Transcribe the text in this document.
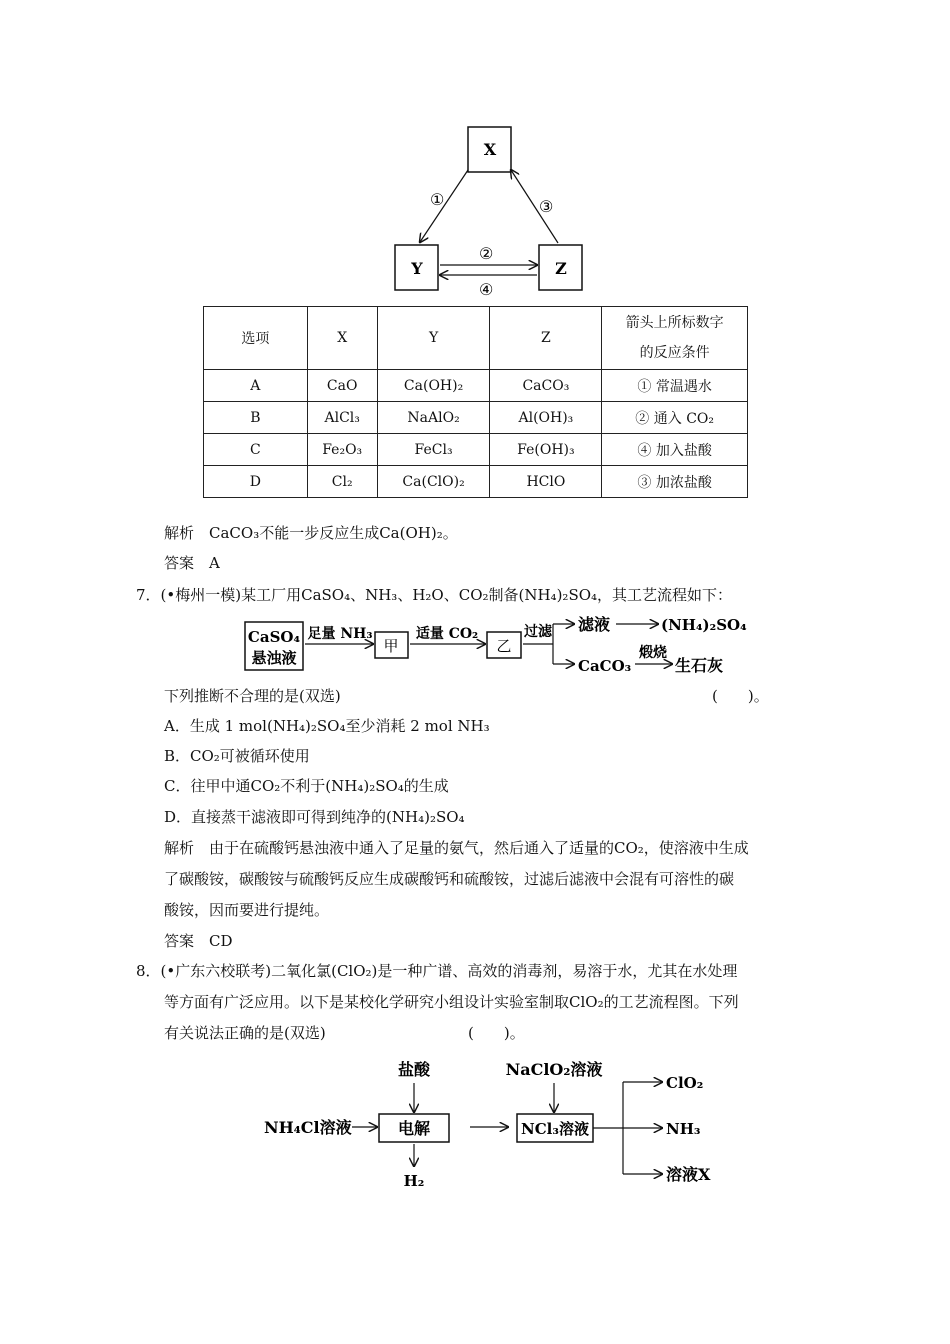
X
Y	Z
①	③
②
④
选项	X	Y	Z	箭头上所标数字
的反应条件

A	CaO	Ca(OH)₂	CaCO₃	① 常温遇水
B	AlCl₃	NaAlO₂	Al(OH)₃	② 通入 CO₂
C	Fe₂O₃	FeCl₃	Fe(OH)₃	④ 加入盐酸
D	Cl₂	Ca(ClO)₂	HClO	③ 加浓盐酸
解析　CaCO₃不能一步反应生成Ca(OH)₂。
答案　A
7．(•梅州一模)某工厂用CaSO₄、NH₃、H₂O、CO₂制备(NH₄)₂SO₄，其工艺流程如下：
CaSO₄
悬浊液
足量 NH₃
甲
适量 CO₂
乙
过滤 滤液	(NH₄)₂SO₄
CaCO₃
煅烧
生石灰
下列推断不合理的是(双选)	(　　)。
A．生成 1 mol(NH₄)₂SO₄至少消耗 2 mol NH₃
B．CO₂可被循环使用
C．往甲中通CO₂不利于(NH₄)₂SO₄的生成
D．直接蒸干滤液即可得到纯净的(NH₄)₂SO₄
解析　由于在硫酸钙悬浊液中通入了足量的氨气，然后通入了适量的CO₂，使溶液中生成
了碳酸铵，碳酸铵与硫酸钙反应生成碳酸钙和硫酸铵，过滤后滤液中会混有可溶性的碳
酸铵，因而要进行提纯。
答案　CD
8．(•广东六校联考)二氧化氯(ClO₂)是一种广谱、高效的消毒剂，易溶于水，尤其在水处理
等方面有广泛应用。以下是某校化学研究小组设计实验室制取ClO₂的工艺流程图。下列
有关说法正确的是(双选)	(　　)。
盐酸	NaClO₂溶液
NH₄Cl溶液	电解
H₂
NCl₃溶液
ClO₂
NH₃
溶液X
